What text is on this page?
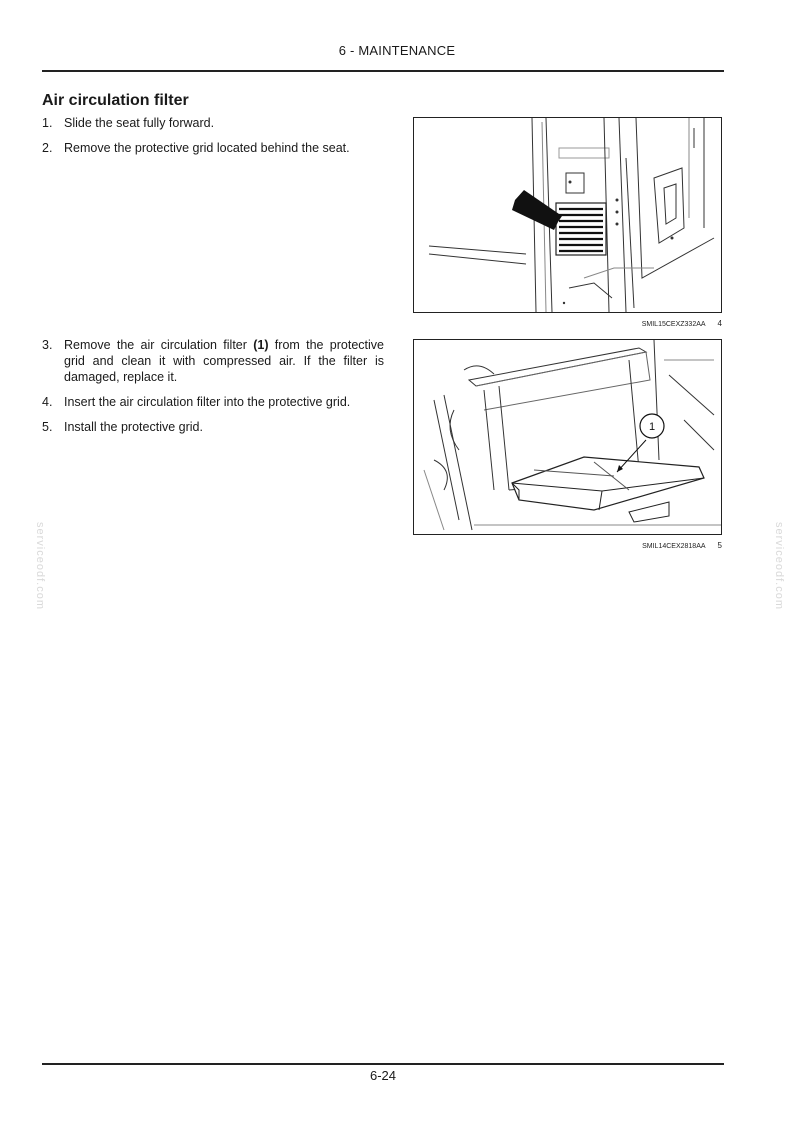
6 - MAINTENANCE
Air circulation filter
1. Slide the seat fully forward.
2. Remove the protective grid located behind the seat.
SMIL15CEXZ332AA 4
3. Remove the air circulation filter (1) from the protective grid and clean it with compressed air. If the filter is damaged, replace it.
4. Insert the air circulation filter into the protective grid.
5. Install the protective grid.	1
SMIL14CEX2818AA 5
serviceodf.com	serviceodf.com
6-24
